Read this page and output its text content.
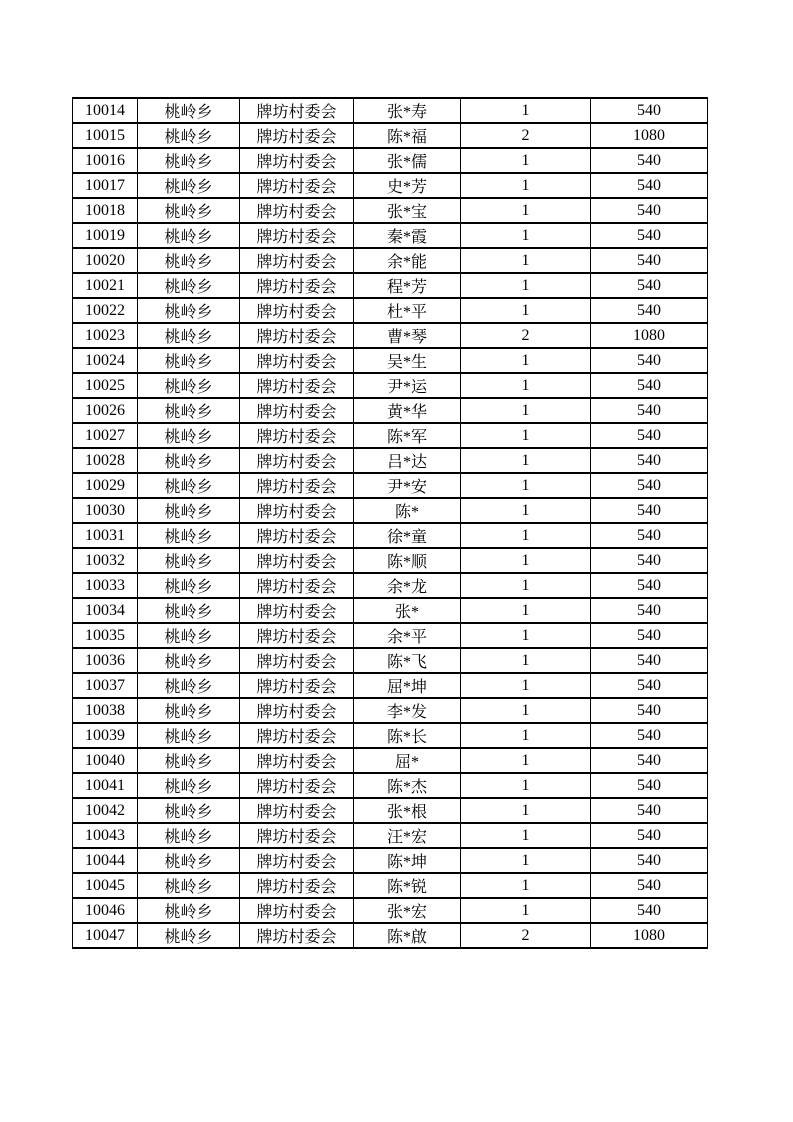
10014	桃岭乡	牌坊村委会	张*寿	1	540
10015	桃岭乡	牌坊村委会	陈*福	2	1080
10016	桃岭乡	牌坊村委会	张*儒	1	540
10017	桃岭乡	牌坊村委会	史*芳	1	540
10018	桃岭乡	牌坊村委会	张*宝	1	540
10019	桃岭乡	牌坊村委会	秦*霞	1	540
10020	桃岭乡	牌坊村委会	余*能	1	540
10021	桃岭乡	牌坊村委会	程*芳	1	540
10022	桃岭乡	牌坊村委会	杜*平	1	540
10023	桃岭乡	牌坊村委会	曹*琴	2	1080
10024	桃岭乡	牌坊村委会	吴*生	1	540
10025	桃岭乡	牌坊村委会	尹*运	1	540
10026	桃岭乡	牌坊村委会	黄*华	1	540
10027	桃岭乡	牌坊村委会	陈*军	1	540
10028	桃岭乡	牌坊村委会	吕*达	1	540
10029	桃岭乡	牌坊村委会	尹*安	1	540
10030	桃岭乡	牌坊村委会	陈*	1	540
10031	桃岭乡	牌坊村委会	徐*童	1	540
10032	桃岭乡	牌坊村委会	陈*顺	1	540
10033	桃岭乡	牌坊村委会	余*龙	1	540
10034	桃岭乡	牌坊村委会	张*	1	540
10035	桃岭乡	牌坊村委会	余*平	1	540
10036	桃岭乡	牌坊村委会	陈*飞	1	540
10037	桃岭乡	牌坊村委会	屈*坤	1	540
10038	桃岭乡	牌坊村委会	李*发	1	540
10039	桃岭乡	牌坊村委会	陈*长	1	540
10040	桃岭乡	牌坊村委会	屈*	1	540
10041	桃岭乡	牌坊村委会	陈*杰	1	540
10042	桃岭乡	牌坊村委会	张*根	1	540
10043	桃岭乡	牌坊村委会	汪*宏	1	540
10044	桃岭乡	牌坊村委会	陈*坤	1	540
10045	桃岭乡	牌坊村委会	陈*锐	1	540
10046	桃岭乡	牌坊村委会	张*宏	1	540
10047	桃岭乡	牌坊村委会	陈*啟	2	1080
